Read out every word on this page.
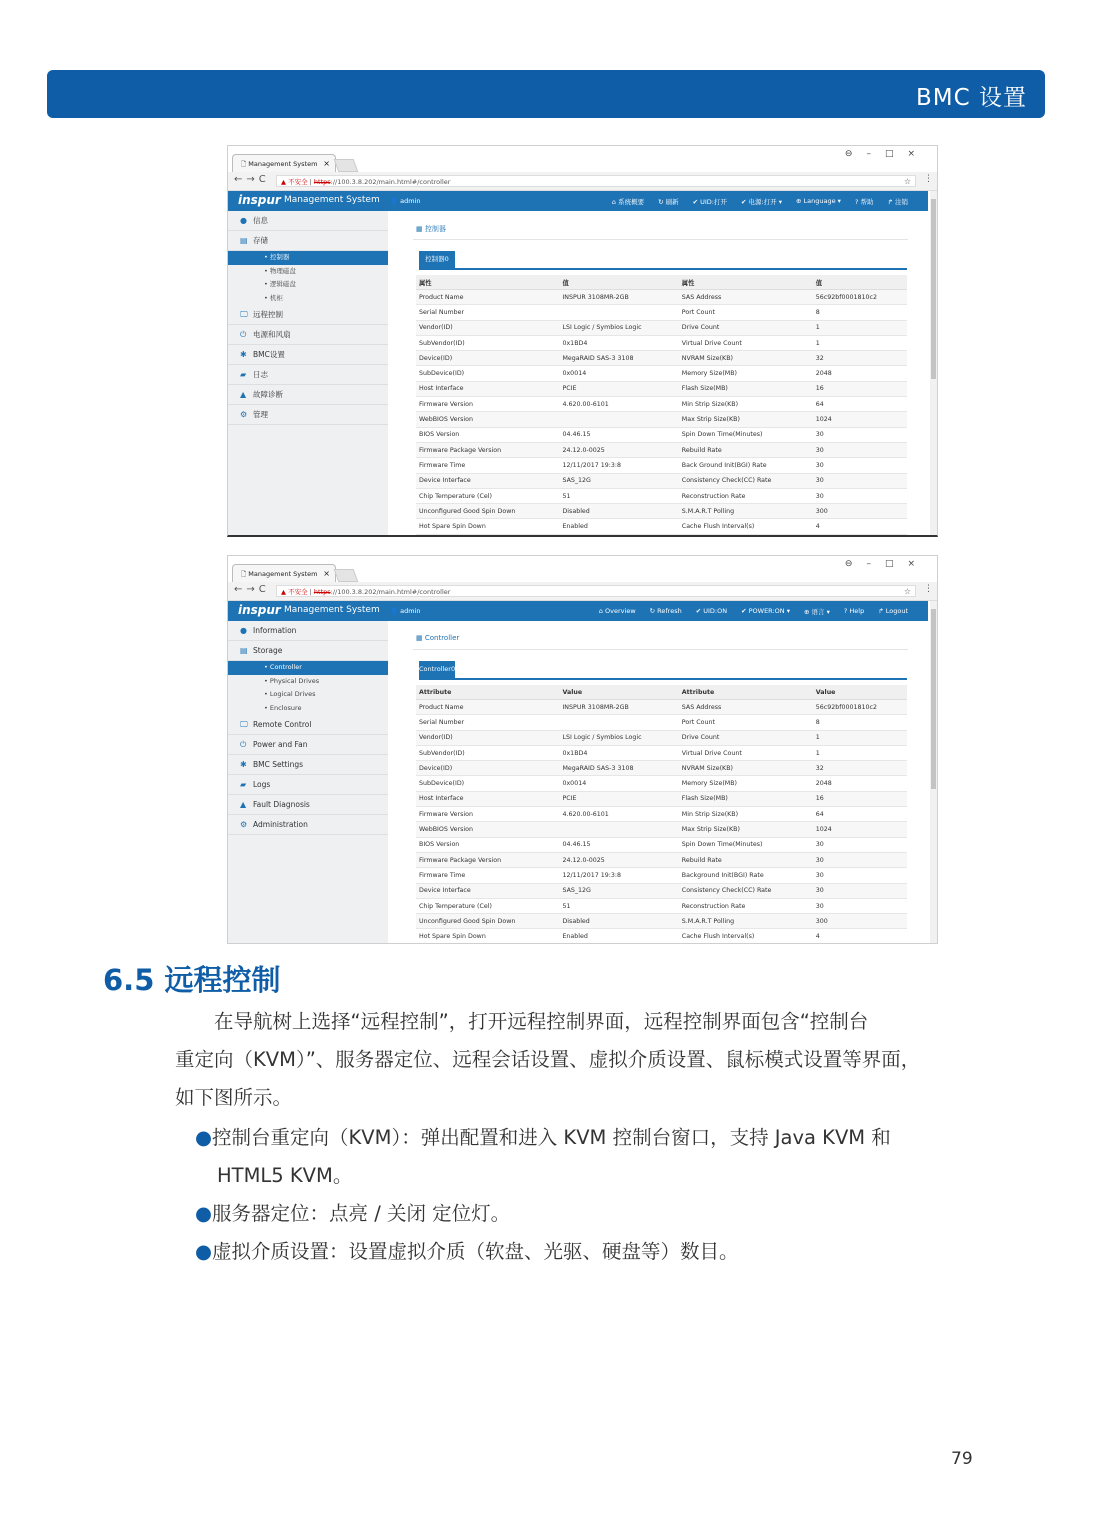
BMC 设置
🗋 Management System ×
⊖–□×
←→C	▲ 不安全 | https://100.3.8.202/main.html#/controller	☆ ⋮
inspur Management System 👤 admin	⌂ 系统概要 ↻ 刷新 ✔ UID:打开 ✔ 电源:打开 ▾ ⊕ Language ▾ ? 帮助 ↱ 注销
● 信息
▤ 存储
• 控制器
• 物理磁盘
• 逻辑磁盘
• 机柜
🖵 远程控制
⏻ 电源和风扇
✱ BMC设置
▰ 日志
▲ 故障诊断
⚙ 管理
▦ 控制器
控制器0
属性	值	属性	值
Product Name	INSPUR 3108MR-2GB	SAS Address	56c92bf0001810c2
Serial Number		Port Count	8
Vendor(ID)	LSI Logic / Symbios Logic	Drive Count	1
SubVendor(ID)	0x1BD4	Virtual Drive Count	1
Device(ID)	MegaRAID SAS-3 3108	NVRAM Size(KB)	32
SubDevice(ID)	0x0014	Memory Size(MB)	2048
Host Interface	PCIE	Flash Size(MB)	16
Firmware Version	4.620.00-6101	Min Strip Size(KB)	64
WebBIOS Version		Max Strip Size(KB)	1024
BIOS Version	04.46.15	Spin Down Time(Minutes)	30
Firmware Package Version	24.12.0-0025	Rebuild Rate	30
Firmware Time	12/11/2017 19:3:8	Back Ground Init(BGI) Rate	30
Device Interface	SAS_12G	Consistency Check(CC) Rate	30
Chip Temperature (Cel)	51	Reconstruction Rate	30
Unconfigured Good Spin Down	Disabled	S.M.A.R.T Polling	300
Hot Spare Spin Down	Enabled	Cache Flush Interval(s)	4
🗋 Management System ×
⊖–□×
←→C	▲ 不安全 | https://100.3.8.202/main.html#/controller	☆ ⋮
inspur Management System 👤 admin	⌂ Overview ↻ Refresh ✔ UID:ON ✔ POWER:ON ▾ ⊕ 语言 ▾ ? Help ↱ Logout
● Information
▤ Storage
• Controller
• Physical Drives
• Logical Drives
• Enclosure
🖵 Remote Control
⏻ Power and Fan
✱ BMC Settings
▰ Logs
▲ Fault Diagnosis
⚙ Administration
▦ Controller
Controller0
Attribute	Value	Attribute	Value
Product Name	INSPUR 3108MR-2GB	SAS Address	56c92bf0001810c2
Serial Number		Port Count	8
Vendor(ID)	LSI Logic / Symbios Logic	Drive Count	1
SubVendor(ID)	0x1BD4	Virtual Drive Count	1
Device(ID)	MegaRAID SAS-3 3108	NVRAM Size(KB)	32
SubDevice(ID)	0x0014	Memory Size(MB)	2048
Host Interface	PCIE	Flash Size(MB)	16
Firmware Version	4.620.00-6101	Min Strip Size(KB)	64
WebBIOS Version		Max Strip Size(KB)	1024
BIOS Version	04.46.15	Spin Down Time(Minutes)	30
Firmware Package Version	24.12.0-0025	Rebuild Rate	30
Firmware Time	12/11/2017 19:3:8	Background Init(BGI) Rate	30
Device Interface	SAS_12G	Consistency Check(CC) Rate	30
Chip Temperature (Cel)	51	Reconstruction Rate	30
Unconfigured Good Spin Down	Disabled	S.M.A.R.T Polling	300
Hot Spare Spin Down	Enabled	Cache Flush Interval(s)	4
6.5 远程控制
　　在导航树上选择“远程控制”，打开远程控制界面，远程控制界面包含“控制台
重定向（KVM）”、服务器定位、远程会话设置、虚拟介质设置、鼠标模式设置等界面，
如下图所示。
●控制台重定向（KVM）：弹出配置和进入 KVM 控制台窗口，支持 Java KVM 和
HTML5 KVM。
●服务器定位：点亮 / 关闭 定位灯。
●虚拟介质设置：设置虚拟介质（软盘、光驱、硬盘等）数目。
79
